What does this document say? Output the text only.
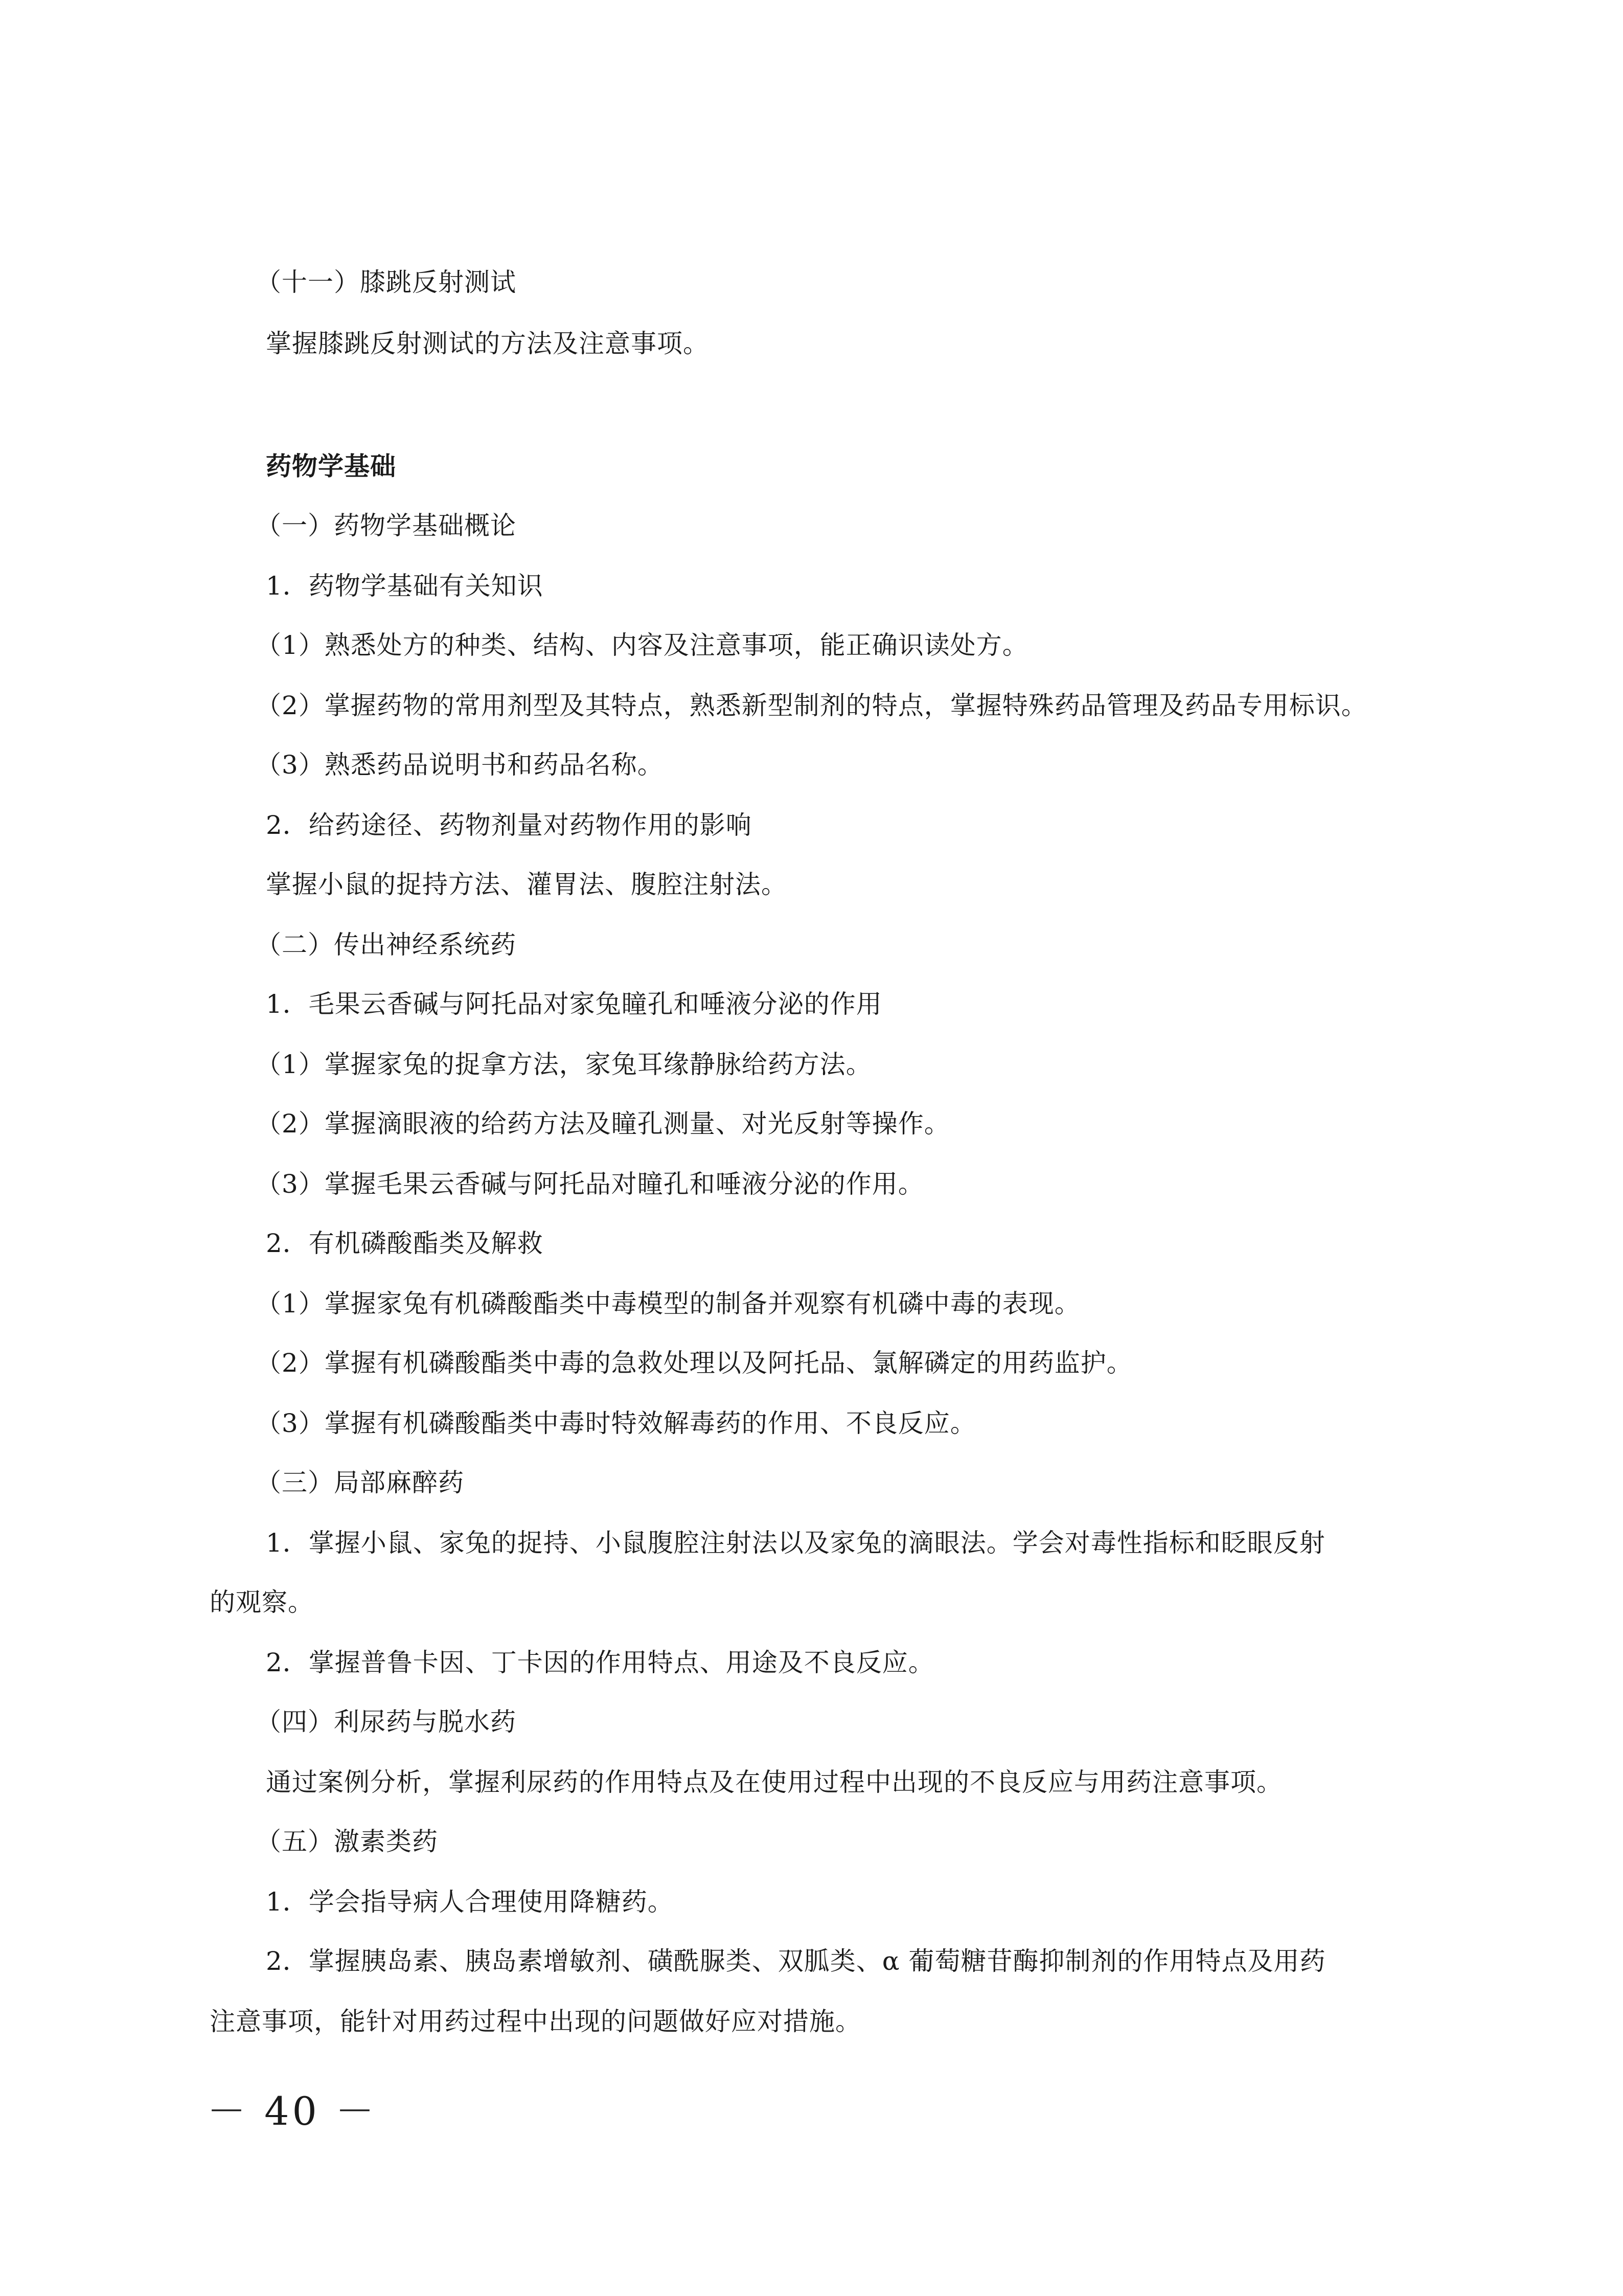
（十一）膝跳反射测试
掌握膝跳反射测试的方法及注意事项。
药物学基础
（一）药物学基础概论
1．药物学基础有关知识
（1）熟悉处方的种类、结构、内容及注意事项，能正确识读处方。
（2）掌握药物的常用剂型及其特点，熟悉新型制剂的特点，掌握特殊药品管理及药品专用标识。
（3）熟悉药品说明书和药品名称。
2．给药途径、药物剂量对药物作用的影响
掌握小鼠的捉持方法、灌胃法、腹腔注射法。
（二）传出神经系统药
1．毛果云香碱与阿托品对家兔瞳孔和唾液分泌的作用
（1）掌握家兔的捉拿方法，家兔耳缘静脉给药方法。
（2）掌握滴眼液的给药方法及瞳孔测量、对光反射等操作。
（3）掌握毛果云香碱与阿托品对瞳孔和唾液分泌的作用。
2．有机磷酸酯类及解救
（1）掌握家兔有机磷酸酯类中毒模型的制备并观察有机磷中毒的表现。
（2）掌握有机磷酸酯类中毒的急救处理以及阿托品、氯解磷定的用药监护。
（3）掌握有机磷酸酯类中毒时特效解毒药的作用、不良反应。
（三）局部麻醉药
1．掌握小鼠、家兔的捉持、小鼠腹腔注射法以及家兔的滴眼法。学会对毒性指标和眨眼反射
的观察。
2．掌握普鲁卡因、丁卡因的作用特点、用途及不良反应。
（四）利尿药与脱水药
通过案例分析，掌握利尿药的作用特点及在使用过程中出现的不良反应与用药注意事项。
（五）激素类药
1．学会指导病人合理使用降糖药。
2．掌握胰岛素、胰岛素增敏剂、磺酰脲类、双胍类、α 葡萄糖苷酶抑制剂的作用特点及用药
注意事项，能针对用药过程中出现的问题做好应对措施。
－ 40 －
